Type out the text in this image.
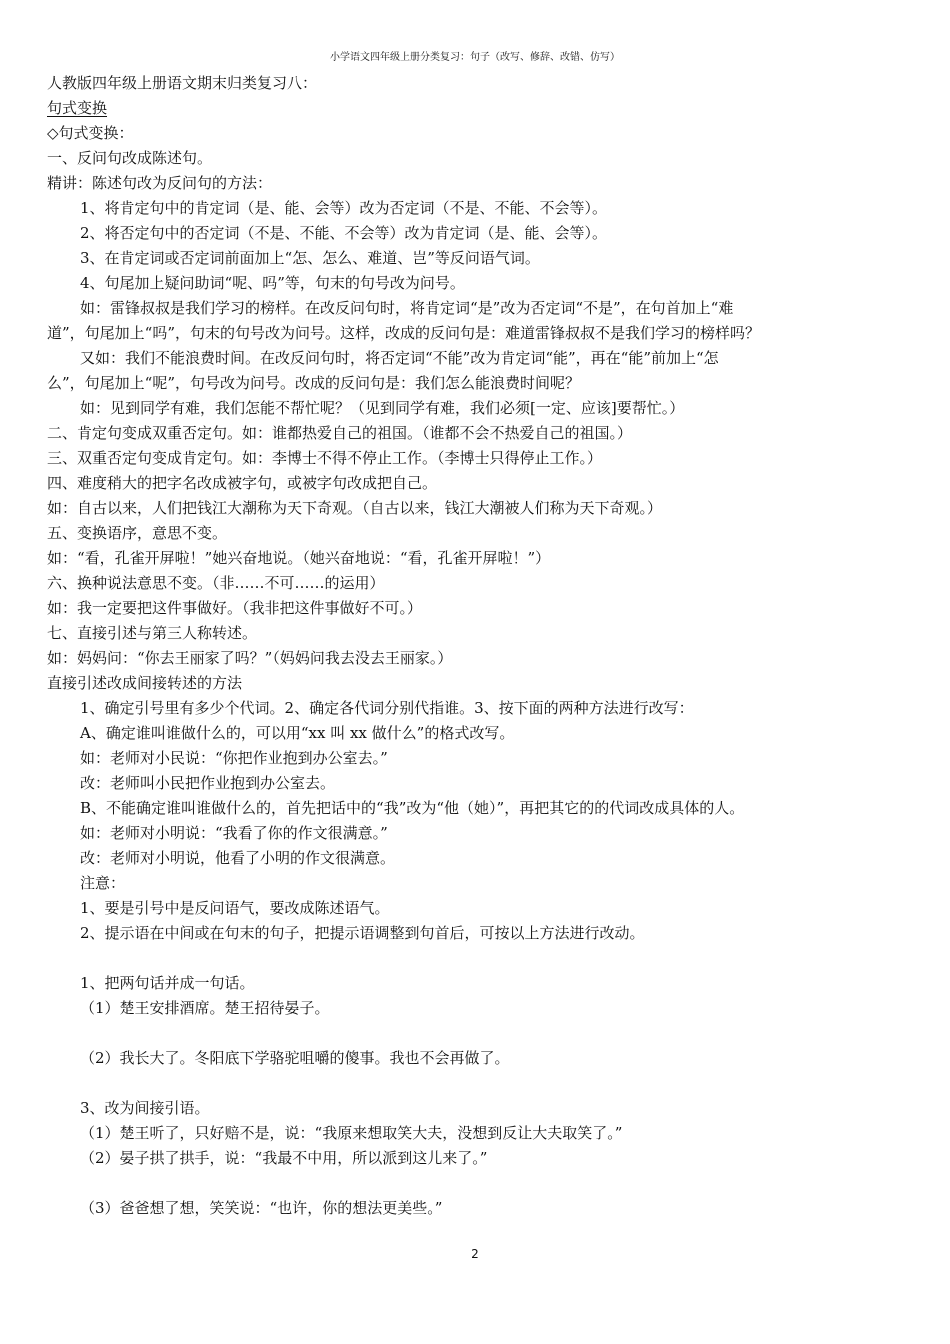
小学语文四年级上册分类复习：句子（改写、修辞、改错、仿写）
人教版四年级上册语文期末归类复习八：
句式变换
◇句式变换：
一、反问句改成陈述句。
精讲：陈述句改为反问句的方法：
1、将肯定句中的肯定词（是、能、会等）改为否定词（不是、不能、不会等）。
2、将否定句中的否定词（不是、不能、不会等）改为肯定词（是、能、会等）。
3、在肯定词或否定词前面加上“怎、怎么、难道、岂”等反问语气词。
4、句尾加上疑问助词“呢、吗”等，句末的句号改为问号。
如：雷锋叔叔是我们学习的榜样。在改反问句时，将肯定词“是”改为否定词“不是”，在句首加上“难
道”，句尾加上“吗”，句末的句号改为问号。这样，改成的反问句是：难道雷锋叔叔不是我们学习的榜样吗？
又如：我们不能浪费时间。在改反问句时，将否定词“不能”改为肯定词“能”，再在“能”前加上“怎
么”，句尾加上“呢”，句号改为问号。改成的反问句是：我们怎么能浪费时间呢？
如：见到同学有难，我们怎能不帮忙呢？（见到同学有难，我们必须[一定、应该]要帮忙。）
二、肯定句变成双重否定句。如：谁都热爱自己的祖国。（谁都不会不热爱自己的祖国。）
三、双重否定句变成肯定句。如：李博士不得不停止工作。（李博士只得停止工作。）
四、难度稍大的把字名改成被字句，或被字句改成把自己。
如：自古以来，人们把钱江大潮称为天下奇观。（自古以来，钱江大潮被人们称为天下奇观。）
五、变换语序，意思不变。
如：“看，孔雀开屏啦！”她兴奋地说。（她兴奋地说：“看，孔雀开屏啦！”）
六、换种说法意思不变。（非……不可……的运用）
如：我一定要把这件事做好。（我非把这件事做好不可。）
七、直接引述与第三人称转述。
如：妈妈问：“你去王丽家了吗？”（妈妈问我去没去王丽家。）
直接引述改成间接转述的方法
1、确定引号里有多少个代词。2、确定各代词分别代指谁。3、按下面的两种方法进行改写：
A、确定谁叫谁做什么的，可以用“xx 叫 xx 做什么”的格式改写。
如：老师对小民说：“你把作业抱到办公室去。”
改：老师叫小民把作业抱到办公室去。
B、不能确定谁叫谁做什么的，首先把话中的“我”改为“他（她）”，再把其它的的代词改成具体的人。
如：老师对小明说：“我看了你的作文很满意。”
改：老师对小明说，他看了小明的作文很满意。
注意：
1、要是引号中是反问语气，要改成陈述语气。
2、提示语在中间或在句末的句子，把提示语调整到句首后，可按以上方法进行改动。
1、把两句话并成一句话。
（1）楚王安排酒席。楚王招待晏子。
（2）我长大了。冬阳底下学骆驼咀嚼的傻事。我也不会再做了。
3、改为间接引语。
（1）楚王听了，只好赔不是，说：“我原来想取笑大夫，没想到反让大夫取笑了。”
（2）晏子拱了拱手，说：“我最不中用，所以派到这儿来了。”
（3）爸爸想了想，笑笑说：“也许，你的想法更美些。”
2
